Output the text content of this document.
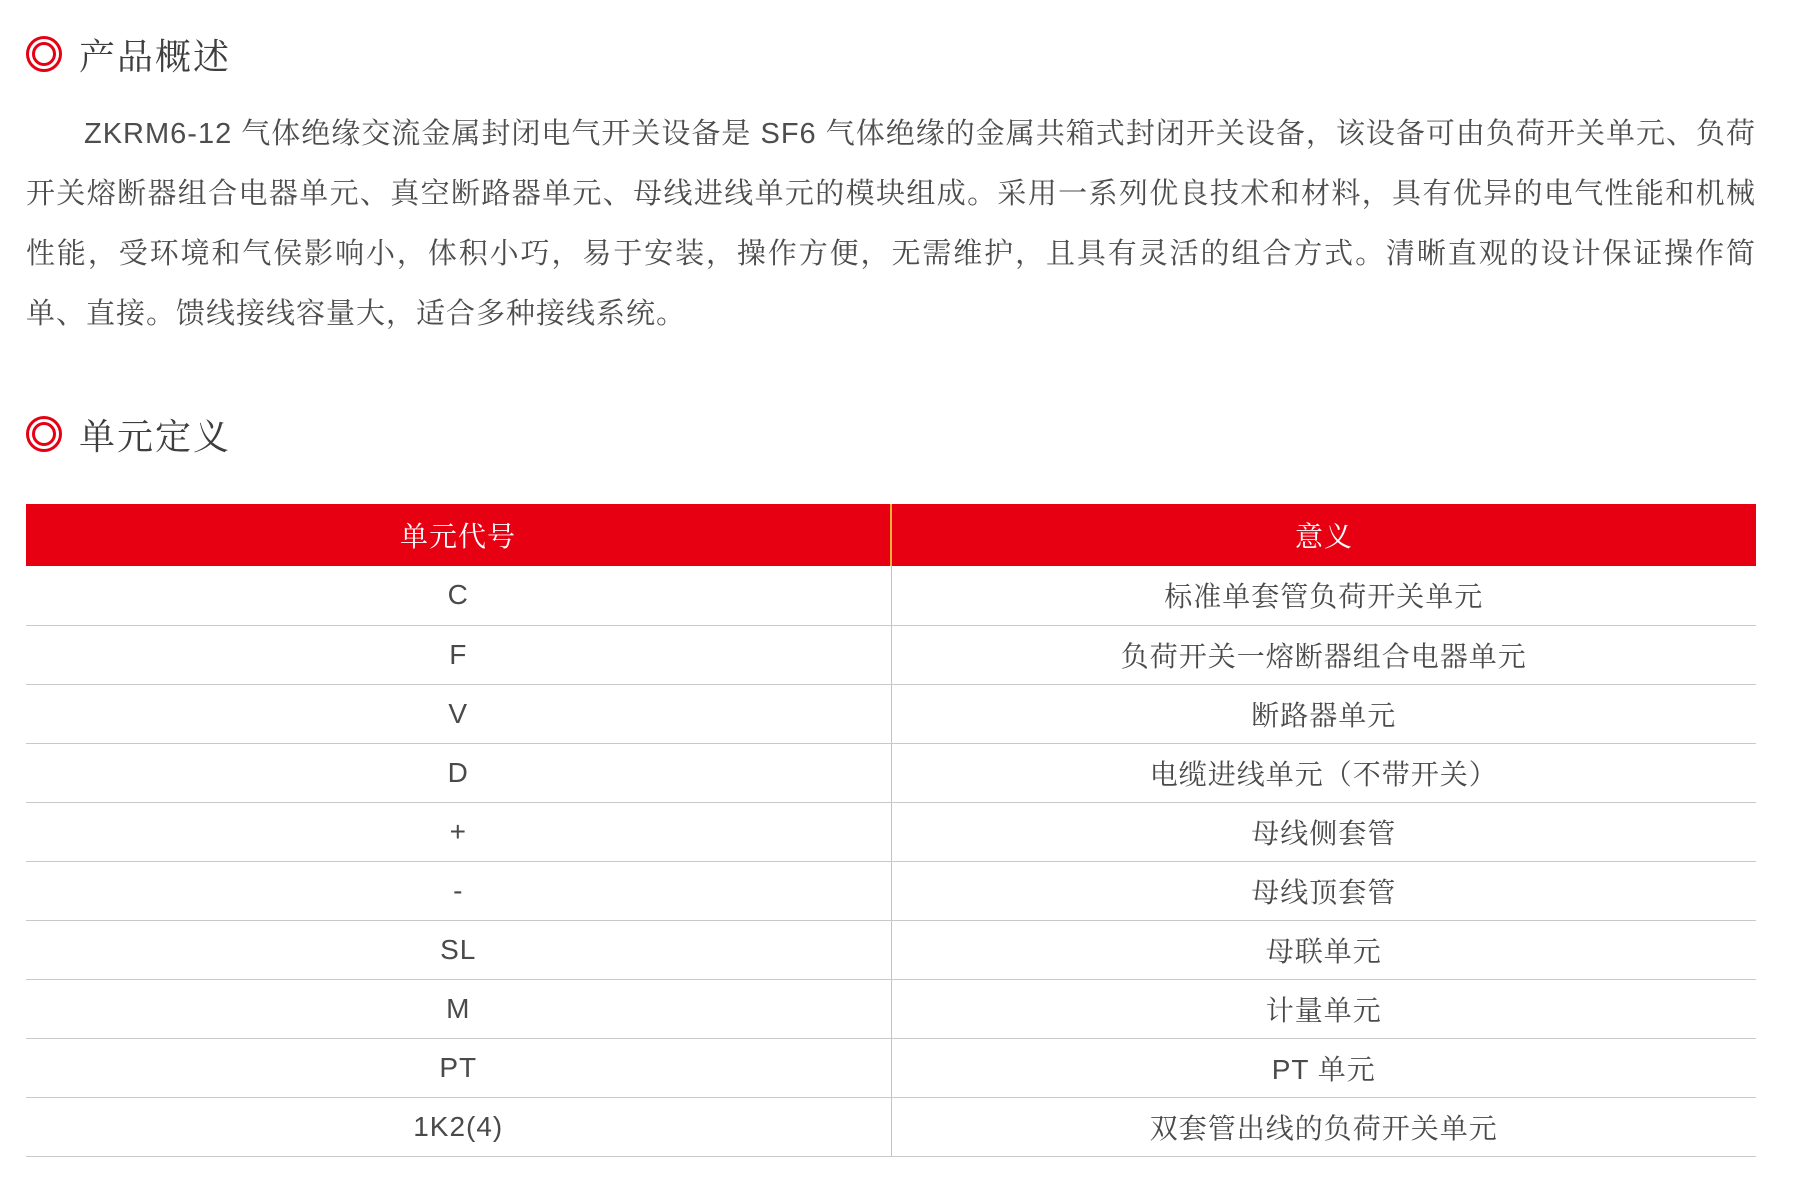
产品概述

ZKRM6-12 气体绝缘交流金属封闭电气开关设备是 SF6 气体绝缘的金属共箱式封闭开关设备，该设备可由负荷开关单元、负荷开关熔断器组合电器单元、真空断路器单元、母线进线单元的模块组成。采用一系列优良技术和材料，具有优异的电气性能和机械性能，受环境和气侯影响小，体积小巧，易于安装，操作方便，无需维护，且具有灵活的组合方式。清晰直观的设计保证操作简单、直接。馈线接线容量大，适合多种接线系统。

单元定义
单元代号	意义
C	标准单套管负荷开关单元
F	负荷开关一熔断器组合电器单元
V	断路器单元
D	电缆进线单元（不带开关）
+	母线侧套管
-	母线顶套管
SL	母联单元
M	计量单元
PT	PT 单元
1K2(4)	双套管出线的负荷开关单元
